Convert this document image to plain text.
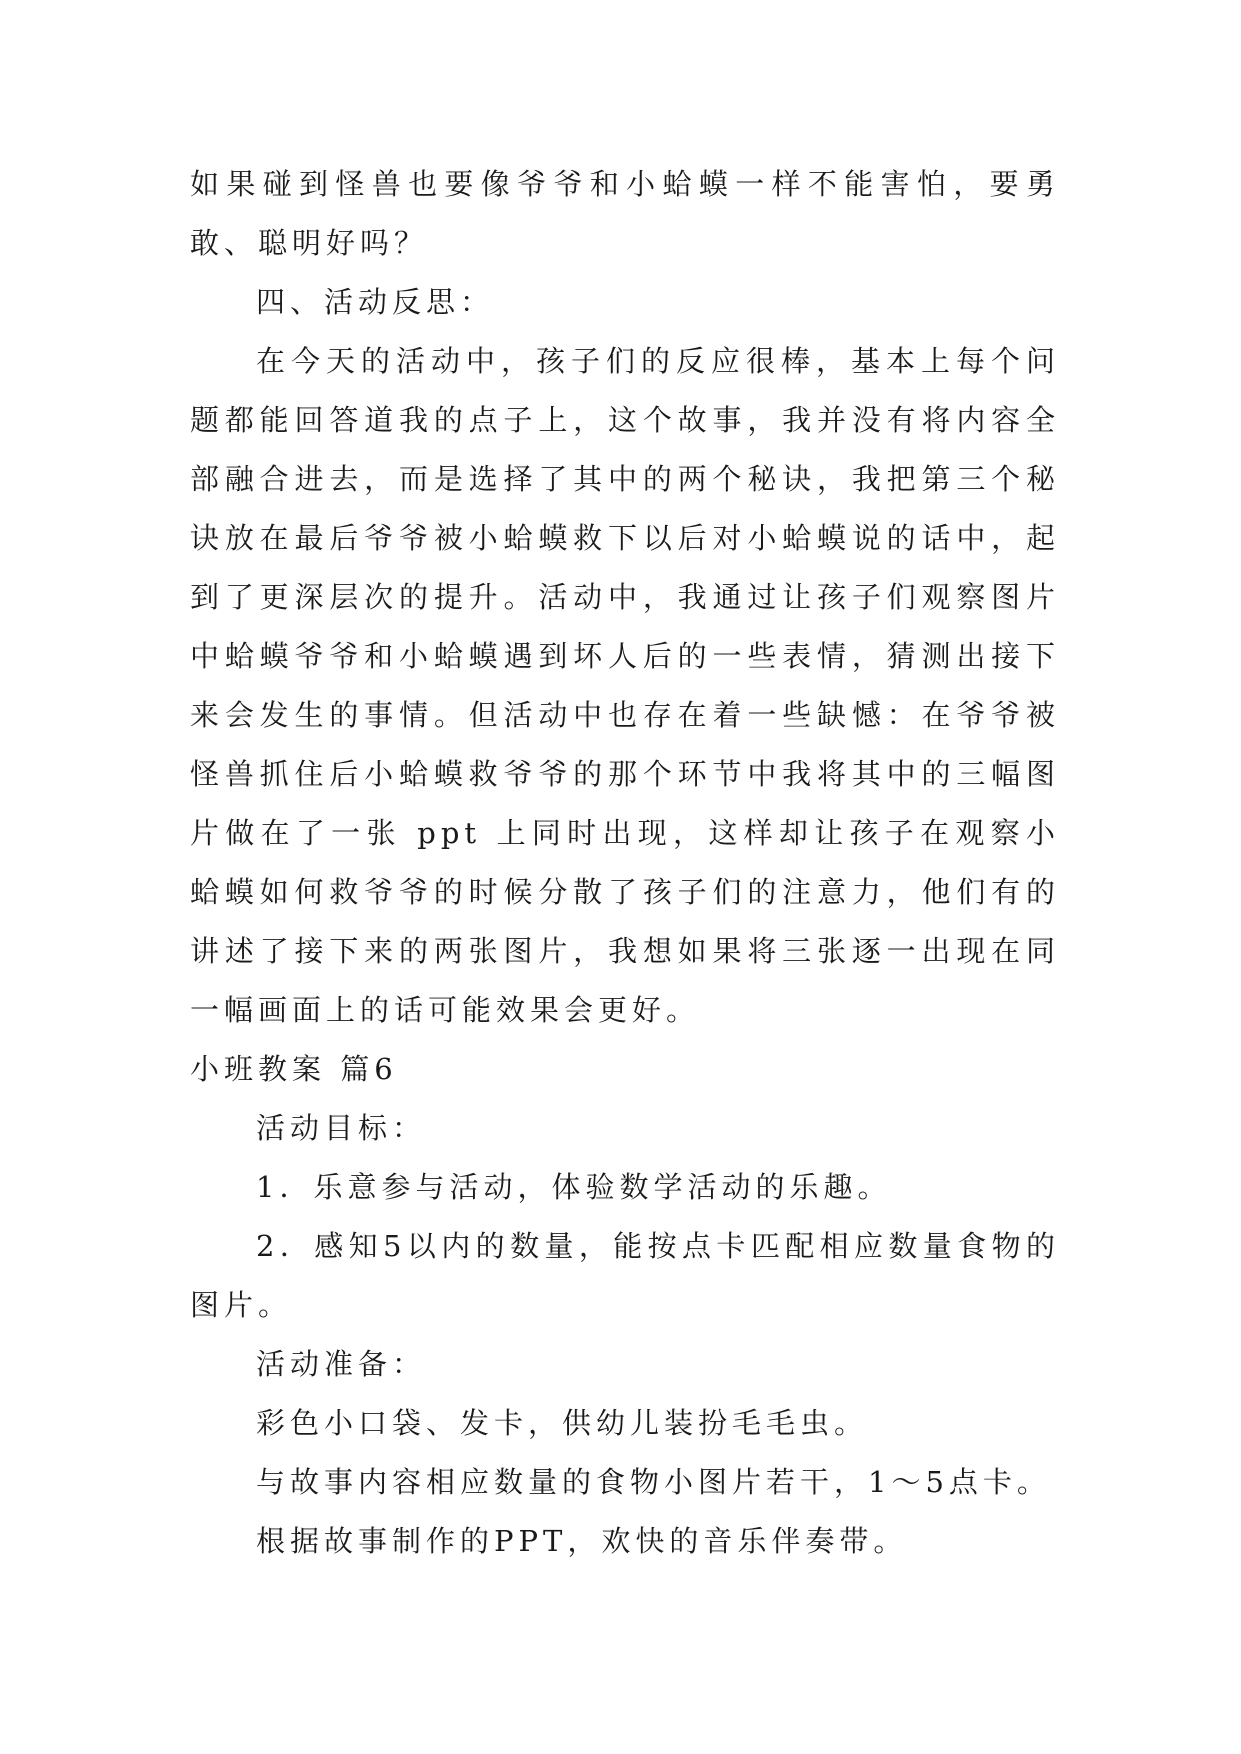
如果碰到怪兽也要像爷爷和小蛤蟆一样不能害怕，要勇敢、聪明好吗？

四、活动反思：

在今天的活动中，孩子们的反应很棒，基本上每个问题都能回答道我的点子上，这个故事，我并没有将内容全部融合进去，而是选择了其中的两个秘诀，我把第三个秘诀放在最后爷爷被小蛤蟆救下以后对小蛤蟆说的话中，起到了更深层次的提升。活动中，我通过让孩子们观察图片中蛤蟆爷爷和小蛤蟆遇到坏人后的一些表情，猜测出接下来会发生的事情。但活动中也存在着一些缺憾：在爷爷被 怪兽抓住后小蛤蟆救爷爷的那个环节中我将其中的三幅图片做在了一张 ppt 上同时出现，这样却让孩子在观察小蛤蟆如何救爷爷的时候分散了孩子们的注意力，他们有的讲述了接下来的两张图片，我想如果将三张逐一出现在同一幅画面上的话可能效果会更好。

小班教案 篇6

活动目标：

1．乐意参与活动，体验数学活动的乐趣。

2．感知5以内的数量，能按点卡匹配相应数量食物的图片。

活动准备：

彩色小口袋、发卡，供幼儿装扮毛毛虫。

与故事内容相应数量的食物小图片若干，1～5点卡。

根据故事制作的PPT，欢快的音乐伴奏带。
